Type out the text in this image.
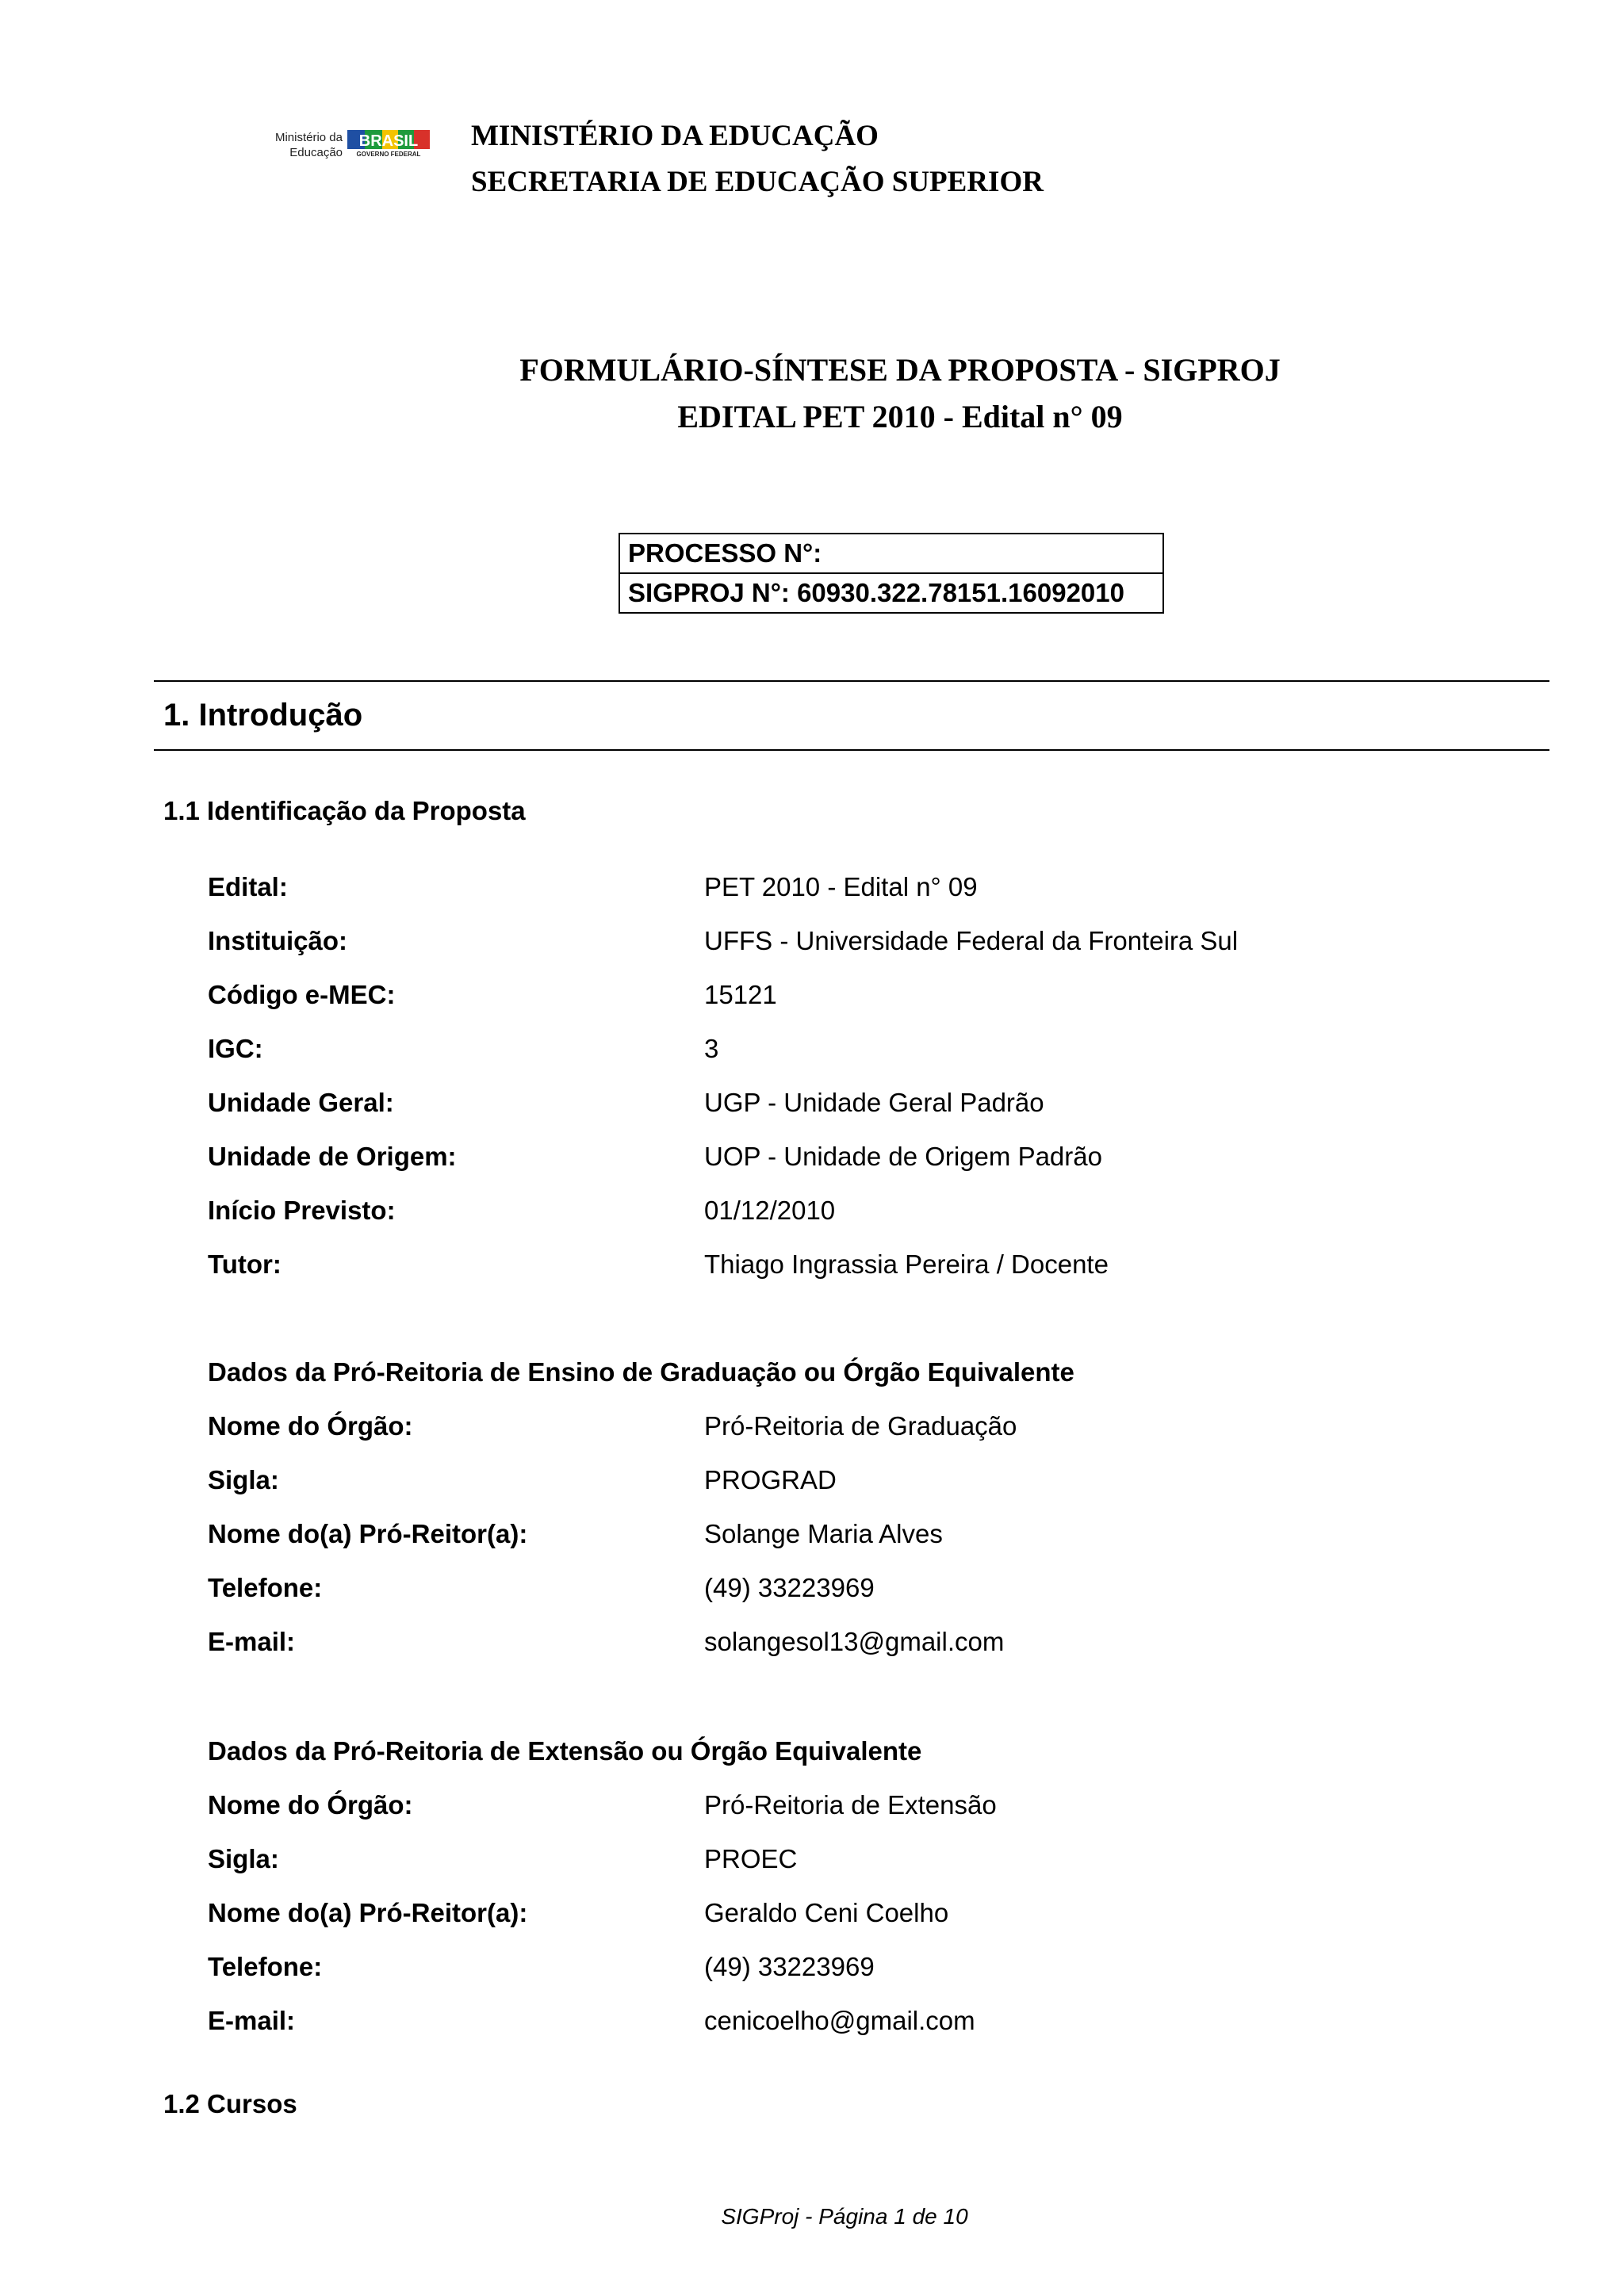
Ministério da
Educação
BRASIL
GOVERNO FEDERAL
MINISTÉRIO DA EDUCAÇÃO
SECRETARIA DE EDUCAÇÃO SUPERIOR
FORMULÁRIO-SÍNTESE DA PROPOSTA - SIGPROJ
EDITAL PET 2010 - Edital n° 09
PROCESSO N°:
SIGPROJ N°: 60930.322.78151.16092010
1. Introdução
1.1 Identificação da Proposta
Edital:	PET 2010 - Edital n° 09
Instituição:	UFFS - Universidade Federal da Fronteira Sul
Código e-MEC:	15121
IGC:	3
Unidade Geral:	UGP - Unidade Geral Padrão
Unidade de Origem:	UOP - Unidade de Origem Padrão
Início Previsto:	01/12/2010
Tutor:	Thiago Ingrassia Pereira / Docente
Dados da Pró-Reitoria de Ensino de Graduação ou Órgão Equivalente
Nome do Órgão:	Pró-Reitoria de Graduação
Sigla:	PROGRAD
Nome do(a) Pró-Reitor(a):	Solange Maria Alves
Telefone:	(49) 33223969
E-mail:	solangesol13@gmail.com
Dados da Pró-Reitoria de Extensão ou Órgão Equivalente
Nome do Órgão:	Pró-Reitoria de Extensão
Sigla:	PROEC
Nome do(a) Pró-Reitor(a):	Geraldo Ceni Coelho
Telefone:	(49) 33223969
E-mail:	cenicoelho@gmail.com
1.2 Cursos
SIGProj - Página 1 de 10
